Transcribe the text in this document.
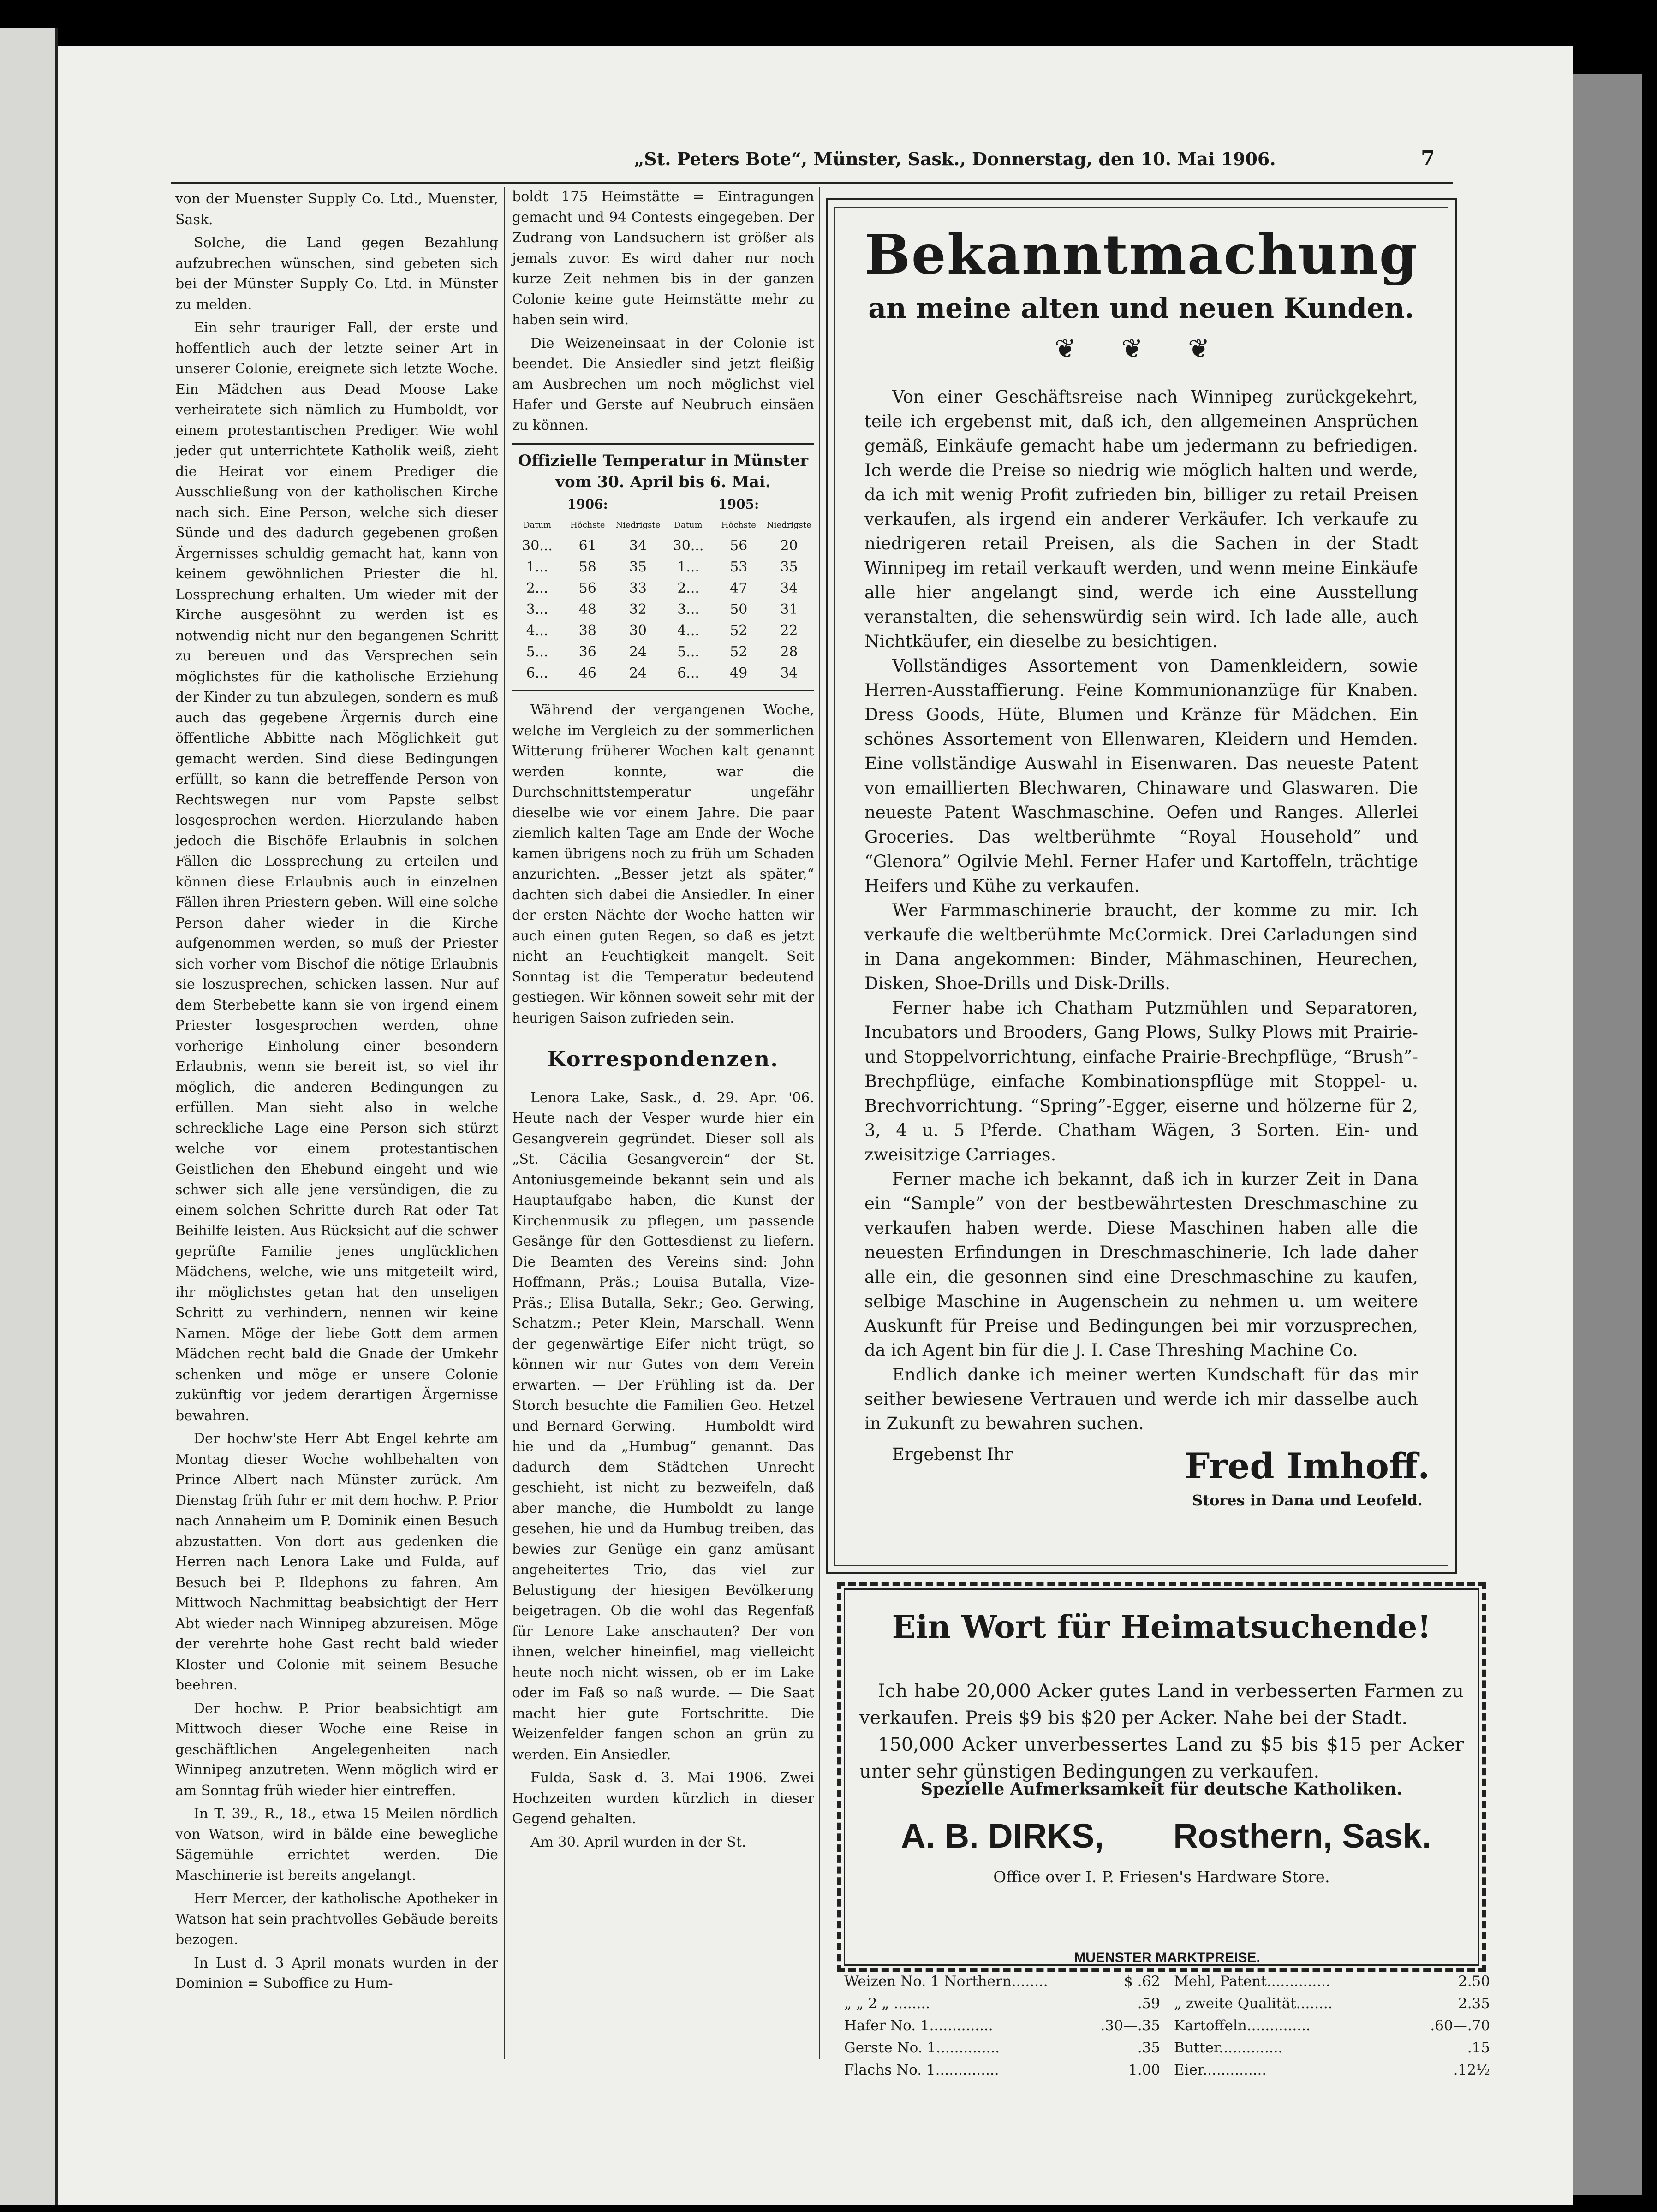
„St. Peters Bote“, Münster, Sask., Donnerstag, den 10. Mai 1906.	7

von der Muenster Supply Co. Ltd., Muenster, Sask.

Solche, die Land gegen Bezahlung aufzubrechen wünschen, sind gebeten sich bei der Münster Supply Co. Ltd. in Münster zu melden.

Ein sehr trauriger Fall, der erste und hoffentlich auch der letzte seiner Art in unserer Colonie, ereignete sich letzte Woche. Ein Mädchen aus Dead Moose Lake verheiratete sich nämlich zu Humboldt, vor einem protestantischen Prediger. Wie wohl jeder gut unterrichtete Katholik weiß, zieht die Heirat vor einem Prediger die Ausschließung von der katholischen Kirche nach sich. Eine Person, welche sich dieser Sünde und des dadurch gegebenen großen Ärgernisses schuldig gemacht hat, kann von keinem gewöhnlichen Priester die hl. Lossprechung erhalten. Um wieder mit der Kirche ausgesöhnt zu werden ist es notwendig nicht nur den begangenen Schritt zu bereuen und das Versprechen sein möglichstes für die katholische Erziehung der Kinder zu tun abzulegen, sondern es muß auch das gegebene Ärgernis durch eine öffentliche Abbitte nach Möglichkeit gut gemacht werden. Sind diese Bedingungen erfüllt, so kann die betreffende Person von Rechtswegen nur vom Papste selbst losgesprochen werden. Hierzulande haben jedoch die Bischöfe Erlaubnis in solchen Fällen die Lossprechung zu erteilen und können diese Erlaubnis auch in einzelnen Fällen ihren Priestern geben. Will eine solche Person daher wieder in die Kirche aufgenommen werden, so muß der Priester sich vorher vom Bischof die nötige Erlaubnis sie loszusprechen, schicken lassen. Nur auf dem Sterbebette kann sie von irgend einem Priester losgesprochen werden, ohne vorherige Einholung einer besondern Erlaubnis, wenn sie bereit ist, so viel ihr möglich, die anderen Bedingungen zu erfüllen. Man sieht also in welche schreckliche Lage eine Person sich stürzt welche vor einem protestantischen Geistlichen den Ehebund eingeht und wie schwer sich alle jene versündigen, die zu einem solchen Schritte durch Rat oder Tat Beihilfe leisten. Aus Rücksicht auf die schwer geprüfte Familie jenes unglücklichen Mädchens, welche, wie uns mitgeteilt wird, ihr möglichstes getan hat den unseligen Schritt zu verhindern, nennen wir keine Namen. Möge der liebe Gott dem armen Mädchen recht bald die Gnade der Umkehr schenken und möge er unsere Colonie zukünftig vor jedem derartigen Ärgernisse bewahren.

Der hochw'ste Herr Abt Engel kehrte am Montag dieser Woche wohlbehalten von Prince Albert nach Münster zurück. Am Dienstag früh fuhr er mit dem hochw. P. Prior nach Annaheim um P. Dominik einen Besuch abzustatten. Von dort aus gedenken die Herren nach Lenora Lake und Fulda, auf Besuch bei P. Ildephons zu fahren. Am Mittwoch Nachmittag beabsichtigt der Herr Abt wieder nach Winnipeg abzureisen. Möge der verehrte hohe Gast recht bald wieder Kloster und Colonie mit seinem Besuche beehren.

Der hochw. P. Prior beabsichtigt am Mittwoch dieser Woche eine Reise in geschäftlichen Angelegenheiten nach Winnipeg anzutreten. Wenn möglich wird er am Sonntag früh wieder hier eintreffen.

In T. 39., R., 18., etwa 15 Meilen nördlich von Watson, wird in bälde eine bewegliche Sägemühle errichtet werden. Die Maschinerie ist bereits angelangt.

Herr Mercer, der katholische Apotheker in Watson hat sein prachtvolles Gebäude bereits bezogen.

In Lust d. 3 April monats wurden in der Dominion = Suboffice zu Hum-

boldt 175 Heimstätte = Eintragungen gemacht und 94 Contests eingegeben. Der Zudrang von Landsuchern ist größer als jemals zuvor. Es wird daher nur noch kurze Zeit nehmen bis in der ganzen Colonie keine gute Heimstätte mehr zu haben sein wird.

Die Weizeneinsaat in der Colonie ist beendet. Die Ansiedler sind jetzt fleißig am Ausbrechen um noch möglichst viel Hafer und Gerste auf Neubruch einsäen zu können.

Offizielle Temperatur in Münster vom 30. April bis 6. Mai.
1906:	1905:
Datum	Höchste	Niedrigste	Datum	Höchste	Niedrigste
30...	61	34	30...	56	20
1...	58	35	1...	53	35
2...	56	33	2...	47	34
3...	48	32	3...	50	31
4...	38	30	4...	52	22
5...	36	24	5...	52	28
6...	46	24	6...	49	34

Während der vergangenen Woche, welche im Vergleich zu der sommerlichen Witterung früherer Wochen kalt genannt werden konnte, war die Durchschnittstemperatur ungefähr dieselbe wie vor einem Jahre. Die paar ziemlich kalten Tage am Ende der Woche kamen übrigens noch zu früh um Schaden anzurichten. „Besser jetzt als später,“ dachten sich dabei die Ansiedler. In einer der ersten Nächte der Woche hatten wir auch einen guten Regen, so daß es jetzt nicht an Feuchtigkeit mangelt. Seit Sonntag ist die Temperatur bedeutend gestiegen. Wir können soweit sehr mit der heurigen Saison zufrieden sein.

Korrespondenzen.

Lenora Lake, Sask., d. 29. Apr. '06. Heute nach der Vesper wurde hier ein Gesangverein gegründet. Dieser soll als „St. Cäcilia Gesangverein“ der St. Antoniusgemeinde bekannt sein und als Hauptaufgabe haben, die Kunst der Kirchenmusik zu pflegen, um passende Gesänge für den Gottesdienst zu liefern. Die Beamten des Vereins sind: John Hoffmann, Präs.; Louisa Butalla, Vize-Präs.; Elisa Butalla, Sekr.; Geo. Gerwing, Schatzm.; Peter Klein, Marschall. Wenn der gegenwärtige Eifer nicht trügt, so können wir nur Gutes von dem Verein erwarten. — Der Frühling ist da. Der Storch besuchte die Familien Geo. Hetzel und Bernard Gerwing. — Humboldt wird hie und da „Humbug“ genannt. Das dadurch dem Städtchen Unrecht geschieht, ist nicht zu bezweifeln, daß aber manche, die Humboldt zu lange gesehen, hie und da Humbug treiben, das bewies zur Genüge ein ganz amüsant angeheitertes Trio, das viel zur Belustigung der hiesigen Bevölkerung beigetragen. Ob die wohl das Regenfaß für Lenore Lake anschauten? Der von ihnen, welcher hineinfiel, mag vielleicht heute noch nicht wissen, ob er im Lake oder im Faß so naß wurde. — Die Saat macht hier gute Fortschritte. Die Weizenfelder fangen schon an grün zu werden. Ein Ansiedler.

Fulda, Sask d. 3. Mai 1906. Zwei Hochzeiten wurden kürzlich in dieser Gegend gehalten.

Am 30. April wurden in der St.

Bekanntmachung
an meine alten und neuen Kunden.
❦ ❦ ❦

Von einer Geschäftsreise nach Winnipeg zurückgekehrt, teile ich ergebenst mit, daß ich, den allgemeinen Ansprüchen gemäß, Einkäufe gemacht habe um jedermann zu befriedigen. Ich werde die Preise so niedrig wie möglich halten und werde, da ich mit wenig Profit zufrieden bin, billiger zu retail Preisen verkaufen, als irgend ein anderer Verkäufer. Ich verkaufe zu niedrigeren retail Preisen, als die Sachen in der Stadt Winnipeg im retail verkauft werden, und wenn meine Einkäufe alle hier angelangt sind, werde ich eine Ausstellung veranstalten, die sehenswürdig sein wird. Ich lade alle, auch Nichtkäufer, ein dieselbe zu besichtigen.

Vollständiges Assortement von Damenkleidern, sowie Herren-Ausstaffierung. Feine Kommunionanzüge für Knaben. Dress Goods, Hüte, Blumen und Kränze für Mädchen. Ein schönes Assortement von Ellenwaren, Kleidern und Hemden. Eine vollständige Auswahl in Eisenwaren. Das neueste Patent von emaillierten Blechwaren, Chinaware und Glaswaren. Die neueste Patent Waschmaschine. Oefen und Ranges. Allerlei Groceries. Das weltberühmte “Royal Household” und “Glenora” Ogilvie Mehl. Ferner Hafer und Kartoffeln, trächtige Heifers und Kühe zu verkaufen.

Wer Farmmaschinerie braucht, der komme zu mir. Ich verkaufe die weltberühmte McCormick. Drei Carladungen sind in Dana angekommen: Binder, Mähmaschinen, Heurechen, Disken, Shoe-Drills und Disk-Drills.

Ferner habe ich Chatham Putzmühlen und Separatoren, Incubators und Brooders, Gang Plows, Sulky Plows mit Prairie- und Stoppelvorrichtung, einfache Prairie-Brechpflüge, “Brush”-Brechpflüge, einfache Kombinationspflüge mit Stoppel- u. Brechvorrichtung. “Spring”-Egger, eiserne und hölzerne für 2, 3, 4 u. 5 Pferde. Chatham Wägen, 3 Sorten. Ein- und zweisitzige Carriages.

Ferner mache ich bekannt, daß ich in kurzer Zeit in Dana ein “Sample” von der bestbewährtesten Dreschmaschine zu verkaufen haben werde. Diese Maschinen haben alle die neuesten Erfindungen in Dreschmaschinerie. Ich lade daher alle ein, die gesonnen sind eine Dreschmaschine zu kaufen, selbige Maschine in Augenschein zu nehmen u. um weitere Auskunft für Preise und Bedingungen bei mir vorzusprechen, da ich Agent bin für die J. I. Case Threshing Machine Co.

Endlich danke ich meiner werten Kundschaft für das mir seither bewiesene Vertrauen und werde ich mir dasselbe auch in Zukunft zu bewahren suchen.

Ergebenst Ihr	Fred Imhoff.
Stores in Dana und Leofeld.
Ein Wort für Heimatsuchende!

Ich habe 20,000 Acker gutes Land in verbesserten Farmen zu verkaufen. Preis $9 bis $20 per Acker. Nahe bei der Stadt.

150,000 Acker unverbessertes Land zu $5 bis $15 per Acker unter sehr günstigen Bedingungen zu verkaufen.

Spezielle Aufmerksamkeit für deutsche Katholiken.
A. B. DIRKS,	Rosthern, Sask.
Office over I. P. Friesen's Hardware Store.
MUENSTER MARKTPREISE.
Weizen No. 1 Northern........	$ .62
„ „ 2 „ ........	.59
Hafer No. 1..............	.30—.35
Gerste No. 1..............	.35
Flachs No. 1..............	1.00
Mehl, Patent..............	2.50
„ zweite Qualität........	2.35
Kartoffeln..............	.60—.70
Butter..............	.15
Eier..............	.12½
